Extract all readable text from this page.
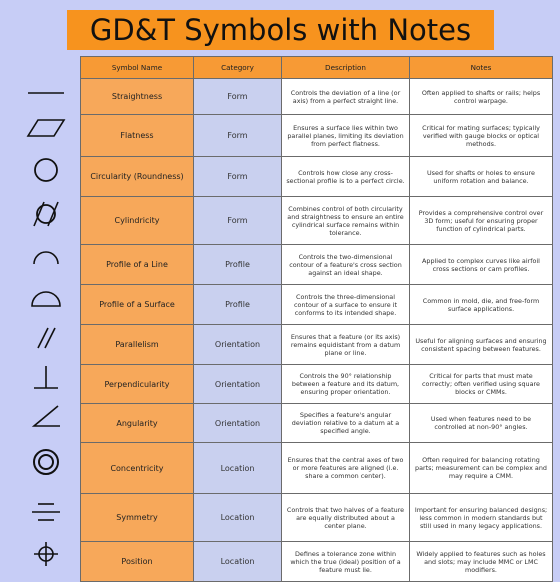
GD&T Symbols with Notes
Symbol Name	Category	Description	Notes
Straightness	Form	Controls the deviation of a line (or axis) from a perfect straight line.	Often applied to shafts or rails; helps control warpage.
Flatness	Form	Ensures a surface lies within two parallel planes, limiting its deviation from perfect flatness.	Critical for mating surfaces; typically verified with gauge blocks or optical methods.
Circularity (Roundness)	Form	Controls how close any cross-sectional profile is to a perfect circle.	Used for shafts or holes to ensure uniform rotation and balance.
Cylindricity	Form	Combines control of both circularity and straightness to ensure an entire cylindrical surface remains within tolerance.	Provides a comprehensive control over 3D form; useful for ensuring proper function of cylindrical parts.
Profile of a Line	Profile	Controls the two-dimensional contour of a feature's cross section against an ideal shape.	Applied to complex curves like airfoil cross sections or cam profiles.
Profile of a Surface	Profile	Controls the three-dimensional contour of a surface to ensure it conforms to its intended shape.	Common in mold, die, and free-form surface applications.
Parallelism	Orientation	Ensures that a feature (or its axis) remains equidistant from a datum plane or line.	Useful for aligning surfaces and ensuring consistent spacing between features.
Perpendicularity	Orientation	Controls the 90° relationship between a feature and its datum, ensuring proper orientation.	Critical for parts that must mate correctly; often verified using square blocks or CMMs.
Angularity	Orientation	Specifies a feature's angular deviation relative to a datum at a specified angle.	Used when features need to be controlled at non-90° angles.
Concentricity	Location	Ensures that the central axes of two or more features are aligned (i.e. share a common center).	Often required for balancing rotating parts; measurement can be complex and may require a CMM.
Symmetry	Location	Controls that two halves of a feature are equally distributed about a center plane.	Important for ensuring balanced designs; less common in modern standards but still used in many legacy applications.
Position	Location	Defines a tolerance zone within which the true (ideal) position of a feature must lie.	Widely applied to features such as holes and slots; may include MMC or LMC modifiers.
